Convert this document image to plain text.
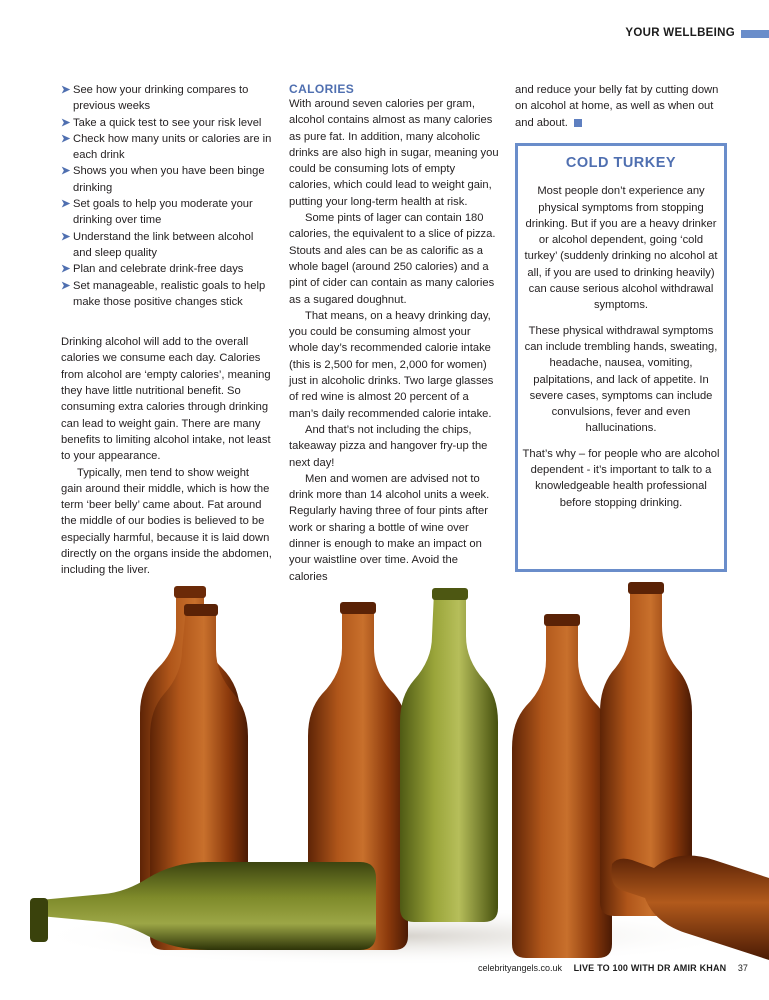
YOUR WELLBEING
➤ See how your drinking compares to previous weeks
➤ Take a quick test to see your risk level
➤ Check how many units or calories are in each drink
➤ Shows you when you have been binge drinking
➤ Set goals to help you moderate your drinking over time
➤ Understand the link between alcohol and sleep quality
➤ Plan and celebrate drink-free days
➤ Set manageable, realistic goals to help make those positive changes stick

Drinking alcohol will add to the overall calories we consume each day. Calories from alcohol are ‘empty calories’, meaning they have little nutritional benefit. So consuming extra calories through drinking can lead to weight gain. There are many benefits to limiting alcohol intake, not least to your appearance.

Typically, men tend to show weight gain around their middle, which is how the term ‘beer belly’ came about. Fat around the middle of our bodies is believed to be especially harmful, because it is laid down directly on the organs inside the abdomen, including the liver.

CALORIES

With around seven calories per gram, alcohol contains almost as many calories as pure fat. In addition, many alcoholic drinks are also high in sugar, meaning you could be consuming lots of empty calories, which could lead to weight gain, putting your long-term health at risk.

Some pints of lager can contain 180 calories, the equivalent to a slice of pizza. Stouts and ales can be as calorific as a whole bagel (around 250 calories) and a pint of cider can contain as many calories as a sugared doughnut.

That means, on a heavy drinking day, you could be consuming almost your whole day’s recommended calorie intake (this is 2,500 for men, 2,000 for women) just in alcoholic drinks. Two large glasses of red wine is almost 20 percent of a man’s daily recommended calorie intake.

And that’s not including the chips, takeaway pizza and hangover fry-up the next day!

Men and women are advised not to drink more than 14 alcohol units a week. Regularly having three of four pints after work or sharing a bottle of wine over dinner is enough to make an impact on your waistline over time. Avoid the calories

and reduce your belly fat by cutting down on alcohol at home, as well as when out and about.

COLD TURKEY

Most people don’t experience any physical symptoms from stopping drinking. But if you are a heavy drinker or alcohol dependent, going ‘cold turkey’ (suddenly drinking no alcohol at all, if you are used to drinking heavily) can cause serious alcohol withdrawal symptoms.

These physical withdrawal symptoms can include trembling hands, sweating, headache, nausea, vomiting, palpitations, and lack of appetite. In severe cases, symptoms can include convulsions, fever and even hallucinations.

That’s why – for people who are alcohol dependent - it’s important to talk to a knowledgeable health professional before stopping drinking.

celebrityangels.co.uk LIVE TO 100 WITH DR AMIR KHAN 37
